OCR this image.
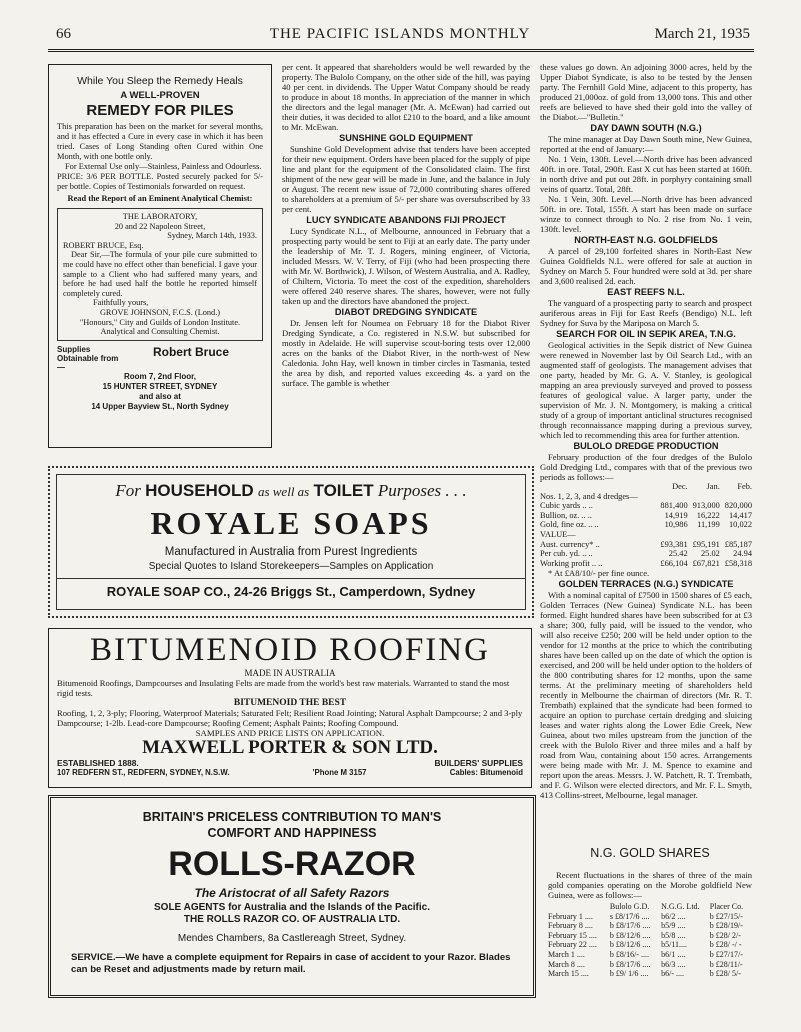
66	THE PACIFIC ISLANDS MONTHLY	March 21, 1935
While You Sleep the Remedy Heals
A WELL-PROVEN
REMEDY FOR PILES

This preparation has been on the market for several months, and it has effected a Cure in every case in which it has been tried. Cases of Long Standing often Cured within One Month, with one bottle only.

For External Use only—Stainless, Painless and Odourless.

PRICE: 3/6 PER BOTTLE. Posted securely packed for 5/- per bottle. Copies of Testimonials forwarded on request.

Read the Report of an Eminent Analytical Chemist:

THE LABORATORY,

20 and 22 Napoleon Street,

Sydney, March 14th, 1933.

ROBERT BRUCE, Esq.

Dear Sir,—The formula of your pile cure submitted to me could have no effect other than beneficial. I gave your sample to a Client who had suffered many years, and before he had used half the bottle he reported himself completely cured.

Faithfully yours,

GROVE JOHNSON, F.C.S. (Lond.)

"Honours," City and Guilds of London Institute.

Analytical and Consulting Chemist.

Supplies Obtainable from—
Robert Bruce
Room 7, 2nd Floor,
15 HUNTER STREET, SYDNEY
and also at
14 Upper Bayview St., North Sydney

per cent. It appeared that shareholders would be well rewarded by the property. The Bulolo Company, on the other side of the hill, was paying 40 per cent. in dividends. The Upper Watut Company should be ready to produce in about 18 months. In appreciation of the manner in which the directors and the legal manager (Mr. A. McEwan) had carried out their duties, it was decided to allot £210 to the board, and a like amount to Mr. McEwan.

SUNSHINE GOLD EQUIPMENT

Sunshine Gold Development advise that tenders have been accepted for their new equipment. Orders have been placed for the supply of pipe line and plant for the equipment of the Consolidated claim. The first shipment of the new gear will be made in June, and the balance in July or August. The recent new issue of 72,000 contributing shares offered to shareholders at a premium of 5/- per share was oversubscribed by 33 per cent.

LUCY SYNDICATE ABANDONS FIJI PROJECT

Lucy Syndicate N.L., of Melbourne, announced in February that a prospecting party would be sent to Fiji at an early date. The party under the leadership of Mr. T. J. Rogers, mining engineer, of Victoria, included Messrs. W. V. Terry, of Fiji (who had been prospecting there with Mr. W. Borthwick), J. Wilson, of Western Australia, and A. Radley, of Chiltern, Victoria. To meet the cost of the expedition, shareholders were offered 240 reserve shares. The shares, however, were not fully taken up and the directors have abandoned the project.

DIABOT DREDGING SYNDICATE

Dr. Jensen left for Noumea on February 18 for the Diabot River Dredging Syndicate, a Co. registered in N.S.W. but subscribed for mostly in Adelaide. He will supervise scout-boring tests over 12,000 acres on the banks of the Diabot River, in the north-west of New Caledonia. John Hay, well known in timber circles in Tasmania, tested the area by dish, and reported values exceeding 4s. a yard on the surface. The gamble is whether

these values go down. An adjoining 3000 acres, held by the Upper Diabot Syndicate, is also to be tested by the Jensen party. The Fernhill Gold Mine, adjacent to this property, has produced 21,000oz. of gold from 13,000 tons. This and other reefs are believed to have shed their gold into the valley of the Diabot.—"Bulletin."

DAY DAWN SOUTH (N.G.)

The mine manager at Day Dawn South mine, New Guinea, reported at the end of January:—

No. 1 Vein, 130ft. Level.—North drive has been advanced 40ft. in ore. Total, 290ft. East X cut has been started at 160ft. in north drive and put out 28ft. in porphyry containing small veins of quartz. Total, 28ft.

No. 1 Vein, 30ft. Level.—North drive has been advanced 50ft. in ore. Total, 155ft. A start has been made on surface winze to connect through to No. 2 rise from No. 1 vein, 130ft. level.

NORTH-EAST N.G. GOLDFIELDS

A parcel of 29,100 forfeited shares in North-East New Guinea Goldfields N.L. were offered for sale at auction in Sydney on March 5. Four hundred were sold at 3d. per share and 3,600 realised 2d. each.

EAST REEFS N.L.

The vanguard of a prospecting party to search and prospect auriferous areas in Fiji for East Reefs (Bendigo) N.L. left Sydney for Suva by the Mariposa on March 5.

SEARCH FOR OIL IN SEPIK AREA, T.N.G.

Geological activities in the Sepik district of New Guinea were renewed in November last by Oil Search Ltd., with an augmented staff of geologists. The management advises that one party, headed by Mr. G. A. V. Stanley, is geological mapping an area previously surveyed and proved to possess features of geological value. A larger party, under the supervision of Mr. J. N. Montgomery, is making a critical study of a group of important anticlinal structures recognised through reconnaissance mapping during a previous survey, which led to recommending this area for further attention.

BULOLO DREDGE PRODUCTION

February production of the four dredges of the Bulolo Gold Dredging Ltd., compares with that of the previous two periods as follows:—

	Dec.	Jan.	Feb.
Nos. 1, 2, 3, and 4 dredges—			
Cubic yards .. ..	881,400	913,000	820,000
Bullion, oz. .. ..	14,919	16,222	14,417
Gold, fine oz. .. ..	10,986	11,199	10,022
VALUE—			
Aust. currency* ..	£93,381	£95,191	£85,187
Per cub. yd. .. ..	25.42	25.02	24.94
Working profit .. ..	£66,104	£67,821	£58,318

* At £A8/10/- per fine ounce.

GOLDEN TERRACES (N.G.) SYNDICATE

With a nominal capital of £7500 in 1500 shares of £5 each, Golden Terraces (New Guinea) Syndicate N.L. has been formed. Eight hundred shares have been subscribed for at £3 a share; 300, fully paid, will be issued to the vendor, who will also receive £250; 200 will be held under option to the vendor for 12 months at the price to which the contributing shares have been called up on the date of which the option is exercised, and 200 will be held under option to the holders of the 800 contributing shares for 12 months, upon the same terms. At the preliminary meeting of shareholders held recently in Melbourne the chairman of directors (Mr. R. T. Trembath) explained that the syndicate had been formed to acquire an option to purchase certain dredging and sluicing leases and water rights along the Lower Edie Creek, New Guinea, about two miles upstream from the junction of the creek with the Bulolo River and three miles and a half by road from Wau, containing about 150 acres. Arrangements were being made with Mr. J. M. Spence to examine and report upon the areas. Messrs. J. W. Patchett, R. T. Trembath, and F. G. Wilson were elected directors, and Mr. F. L. Smyth, 413 Collins-street, Melbourne, legal manager.

N.G. GOLD SHARES

Recent fluctuations in the shares of three of the main gold companies operating on the Morobe goldfield New Guinea, were as follows:—

	Bulolo G.D.	N.G.G. Ltd.	Placer Co.
February 1 ....	s £8/17/6 ....	b6/2 ....	b £27/15/-
February 8 ....	b £8/17/6 ....	b5/9 ....	b £28/19/-
February 15 ....	b £8/12/6 ....	b5/8 ....	b £28/ 2/-
February 22 ....	b £8/12/6 ....	b5/11....	b £28/ -/ -
March 1 ....	b £8/16/- ....	b6/1 ....	b £27/17/-
March 8 ....	b £8/17/6 ....	b6/3 ....	b £28/11/-
March 15 ....	b £9/ 1/6 ....	b6/- ....	b £28/ 5/-
For HOUSEHOLD as well as TOILET Purposes . . .
ROYALE SOAPS
Manufactured in Australia from Purest Ingredients
Special Quotes to Island Storekeepers—Samples on Application
ROYALE SOAP CO., 24-26 Briggs St., Camperdown, Sydney
BITUMENOID ROOFING
MADE IN AUSTRALIA
Bitumenoid Roofings, Dampcourses and Insulating Felts are made from the world's best raw materials. Warranted to stand the most rigid tests.
BITUMENOID THE BEST
Roofing, 1, 2, 3-ply; Flooring, Waterproof Materials; Saturated Felt; Resilient Road Jointing; Natural Asphalt Dampcourse; 2 and 3-ply Dampcourse; 1-2lb. Lead-core Dampcourse; Roofing Cement; Asphalt Paints; Roofing Compound.
SAMPLES AND PRICE LISTS ON APPLICATION.
MAXWELL PORTER & SON LTD.
ESTABLISHED 1888.	BUILDERS' SUPPLIES
107 REDFERN ST., REDFERN, SYDNEY, N.S.W.	'Phone M 3157	Cables: Bitumenoid
BRITAIN'S PRICELESS CONTRIBUTION TO MAN'S
COMFORT AND HAPPINESS
ROLLS-RAZOR
The Aristocrat of all Safety Razors
SOLE AGENTS for Australia and the Islands of the Pacific.
THE ROLLS RAZOR CO. OF AUSTRALIA LTD.
Mendes Chambers, 8a Castlereagh Street, Sydney.
SERVICE.—We have a complete equipment for Repairs in case of accident to your Razor. Blades can be Reset and adjustments made by return mail.
